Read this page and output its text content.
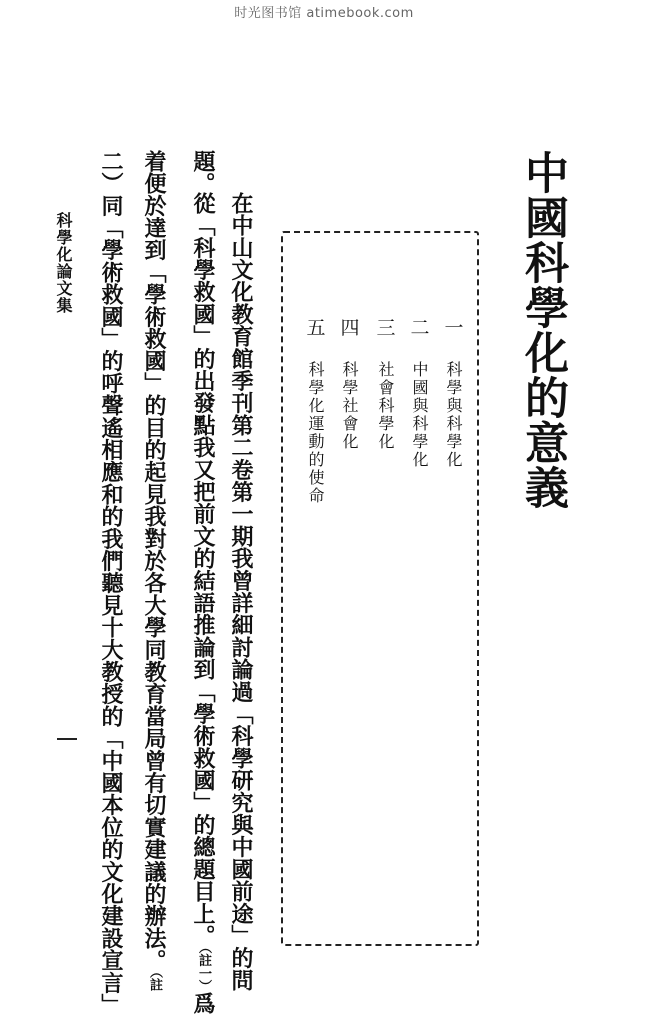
时光图书馆 atimebook.com
中國科學化的意義
一
二
三
四
五
科學與科學化
中國與科學化
社會科學化
科學社會化
科學化運動的使命
在中山文化教育館季刊第二卷第一期我曾詳細討論過「科學研究與中國前途」的問
題。
從「科學救國」的出發點我又把前文的結語推論到「學術救國」的總題目上。（註一）爲
着便於達到「學術救國」的目的起見我對於各大學同教育當局曾有切實建議的辦法。（註
二）同「學術救國」的呼聲遙相應和的我們聽見十大教授的「中國本位的文化建設宣言」
科學化論文集
